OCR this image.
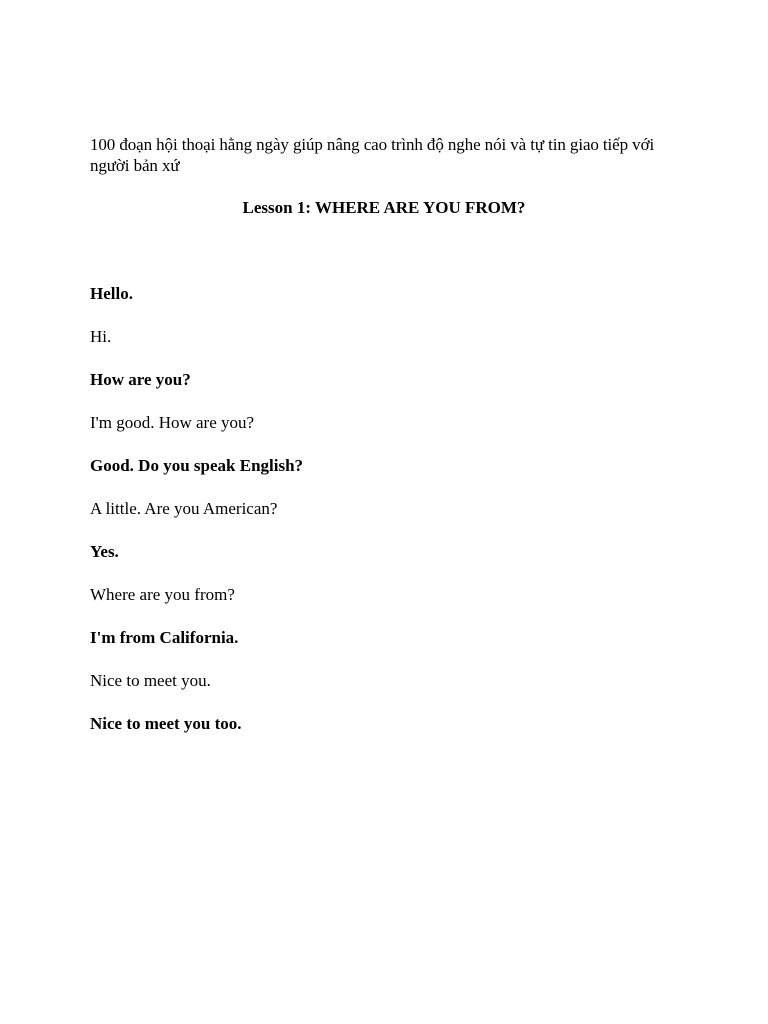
100 đoạn hội thoại hằng ngày giúp nâng cao trình độ nghe nói và tự tin giao tiếp với người bản xứ
Lesson 1: WHERE ARE YOU FROM?
Hello.
Hi.
How are you?
I'm good. How are you?
Good. Do you speak English?
A little. Are you American?
Yes.
Where are you from?
I'm from California.
Nice to meet you.
Nice to meet you too.
